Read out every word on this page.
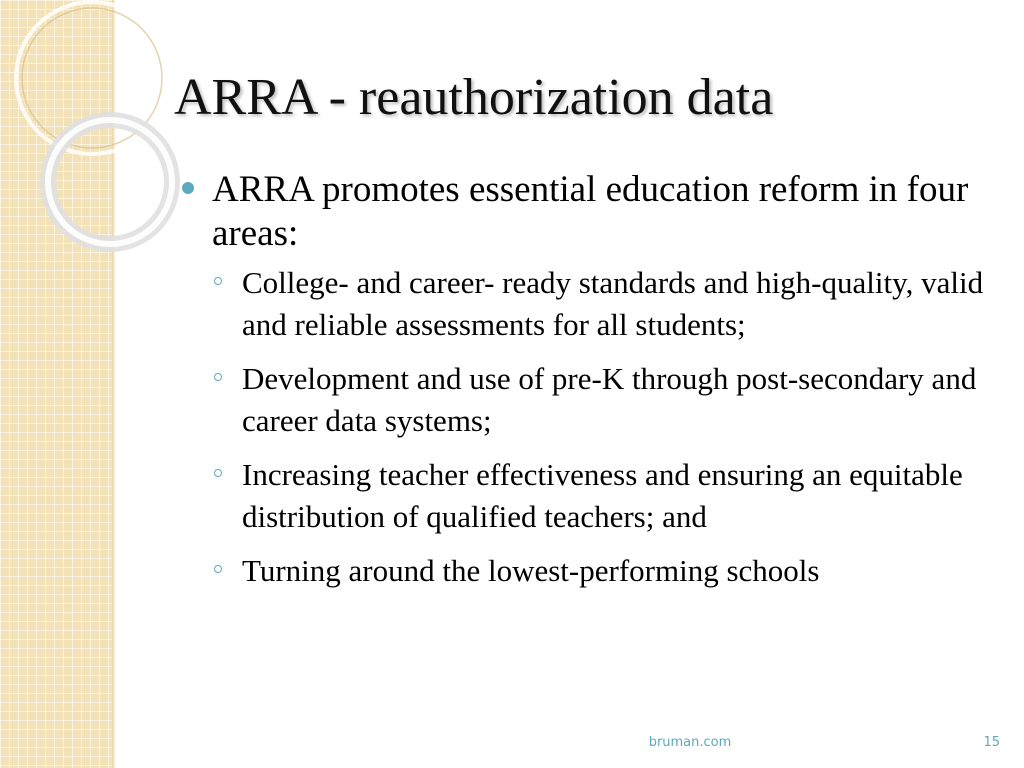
ARRA - reauthorization data
ARRA promotes essential education reform in four areas:
College- and career- ready standards and high-quality, valid and reliable assessments for all students;
Development and use of pre-K through post-secondary and career data systems;
Increasing teacher effectiveness and ensuring an equitable distribution of qualified teachers; and
Turning around the lowest-performing schools
bruman.com	15
